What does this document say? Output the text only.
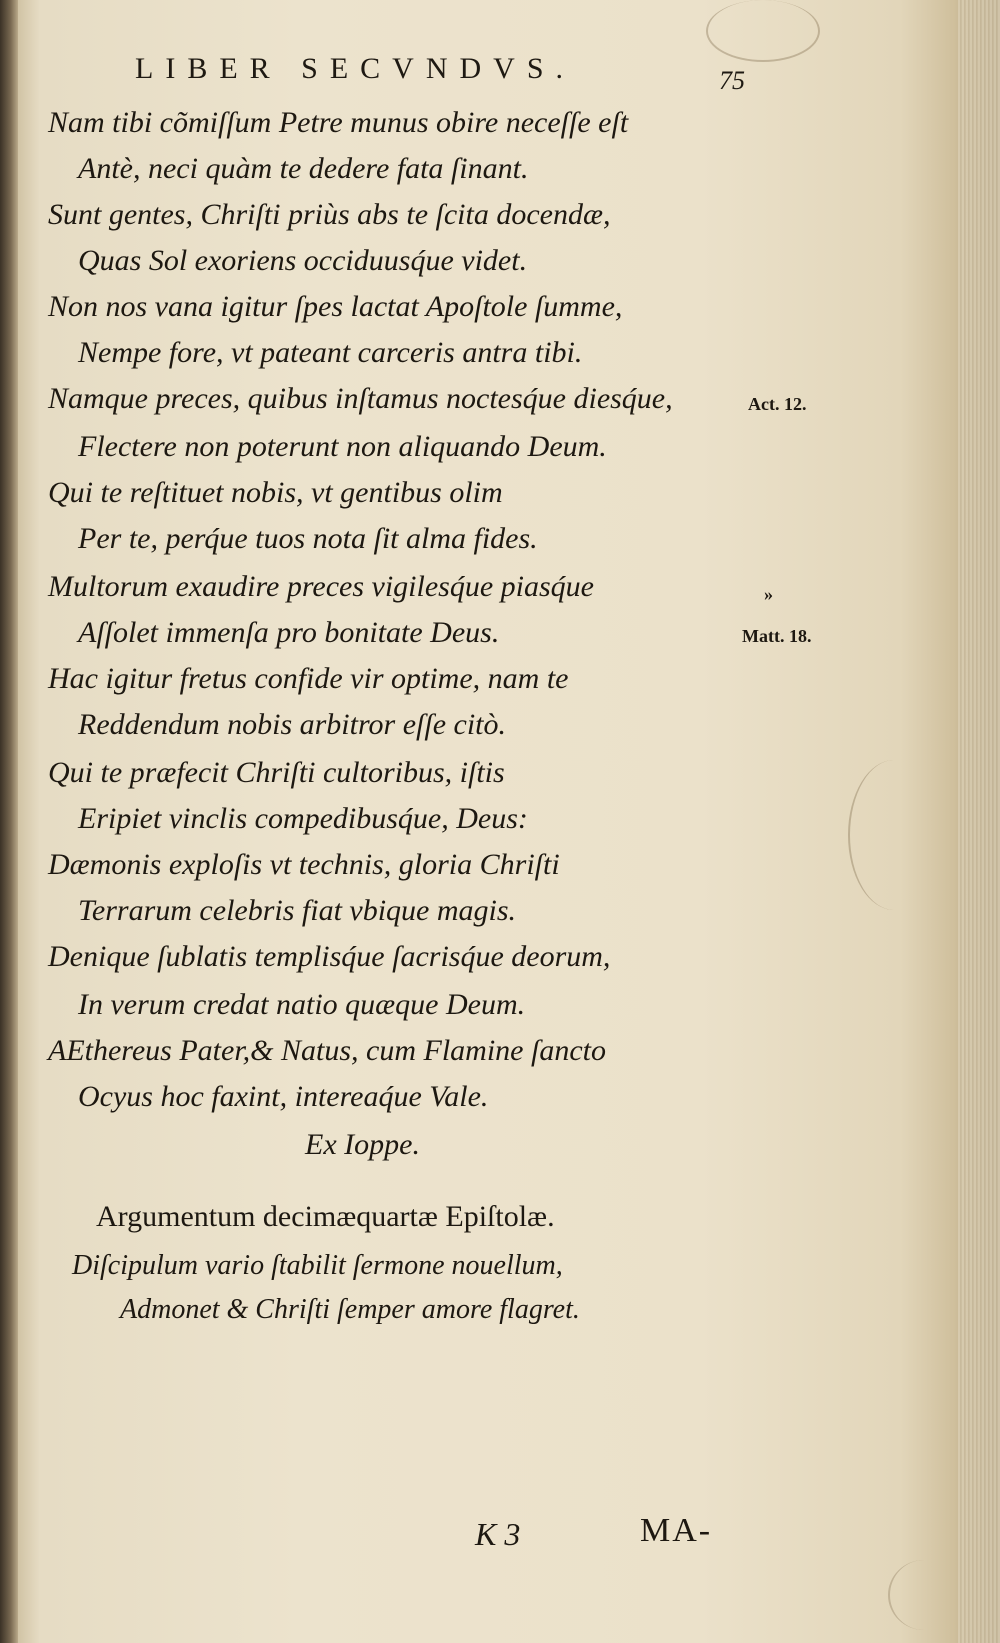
LIBER SECVNDVS.	75
Nam tibi cõmiſſum Petre munus obire neceſſe eſt
Antè, neci quàm te dedere fata ſinant.
Sunt gentes, Chriſti priùs abs te ſcita docendæ,
Quas Sol exoriens occiduusq́ue videt.
Non nos vana igitur ſpes lactat Apoſtole ſumme,
Nempe fore, vt pateant carceris antra tibi.
Namque preces, quibus inſtamus noctesq́ue diesq́ue,
Flectere non poterunt non aliquando Deum.
Qui te reſtituet nobis, vt gentibus olim
Per te, perq́ue tuos nota ſit alma fides.
Multorum exaudire preces vigilesq́ue piasq́ue
Aſſolet immenſa pro bonitate Deus.
Hac igitur fretus confide vir optime, nam te
Reddendum nobis arbitror eſſe citò.
Qui te præfecit Chriſti cultoribus, iſtis
Eripiet vinclis compedibusq́ue, Deus:
Dæmonis exploſis vt technis, gloria Chriſti
Terrarum celebris fiat vbique magis.
Denique ſublatis templisq́ue ſacrisq́ue deorum,
In verum credat natio quæque Deum.
AEthereus Pater,& Natus, cum Flamine ſancto
Ocyus hoc faxint, intereaq́ue Vale.
Ex Ioppe.
Act. 12.
»
Matt. 18.
Argumentum decimæquartæ Epiſtolæ.
Diſcipulum vario ſtabilit ſermone nouellum,
Admonet & Chriſti ſemper amore flagret.
K 3	MA-
